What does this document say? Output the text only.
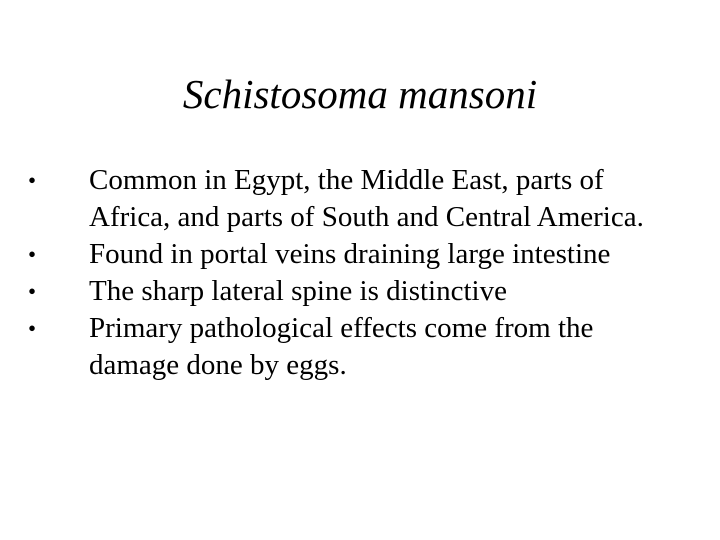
Schistosoma mansoni
•	Common in Egypt, the Middle East, parts of Africa, and parts of South and Central America.
•	Found in portal veins draining large intestine
•	The sharp lateral spine is distinctive
•	Primary pathological effects come from the damage done by eggs.
